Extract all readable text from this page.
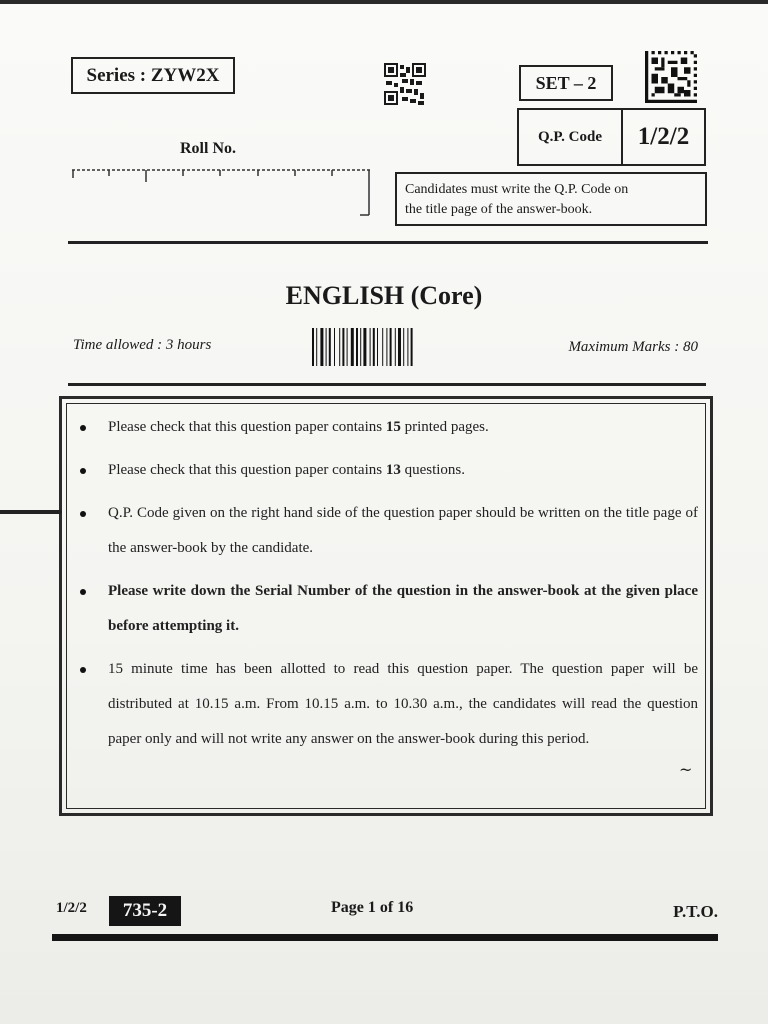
Series : ZYW2X	SET – 2
Q.P. Code	1/2/2
Roll No.
Candidates must write the Q.P. Code on
the title page of the answer-book.
ENGLISH (Core)
Time allowed : 3 hours	Maximum Marks : 80
Please check that this question paper contains 15 printed pages.
Please check that this question paper contains 13 questions.
Q.P. Code given on the right hand side of the question paper should be written on the title page of the answer-book by the candidate.
Please write down the Serial Number of the question in the answer-book at the given place before attempting it.
15 minute time has been allotted to read this question paper. The question paper will be distributed at 10.15 a.m. From 10.15 a.m. to 10.30 a.m., the candidates will read the question paper only and will not write any answer on the answer-book during this period.
~
1/2/2	735-2	Page 1 of 16	P.T.O.
